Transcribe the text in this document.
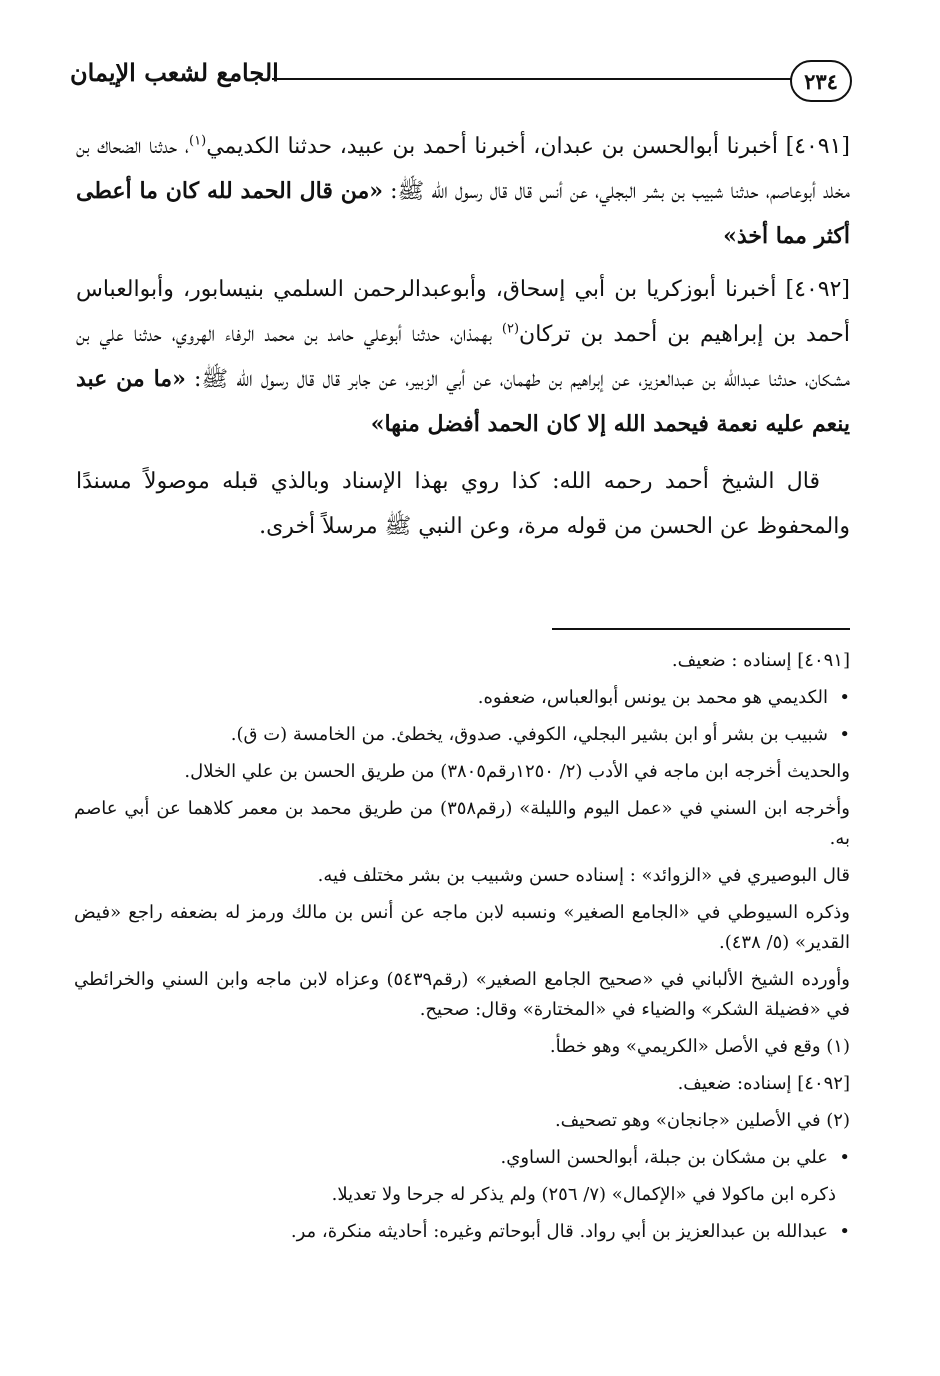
٢٣٤
الجامع لشعب الإيمان

[٤٠٩١] أخبرنا أبوالحسن بن عبدان، أخبرنا أحمد بن عبيد، حدثنا الكديمي$^{(١)}$، حدثنا الضحاك بن مخلد أبوعاصم، حدثنا شبيب بن بشر البجلي، عن أنس قال قال رسول الله ﷺ: «من قال الحمد لله كان ما أعطى أكثر مما أخذ»

[٤٠٩٢] أخبرنا أبوزكريا بن أبي إسحاق، وأبوعبدالرحمن السلمي بنيسابور، وأبوالعباس أحمد بن إبراهيم بن أحمد بن تركان$^{(٢)}$ بهمذان، حدثنا أبوعلي حامد بن محمد الرفاء الهروي، حدثنا علي بن مشكان، حدثنا عبدالله بن عبدالعزيز، عن إبراهيم بن طهمان، عن أبي الزبير، عن جابر قال قال رسول الله ﷺ: «ما من عبد ينعم عليه نعمة فيحمد الله إلا كان الحمد أفضل منها»

قال الشيخ أحمد رحمه الله: كذا روي بهذا الإسناد وبالذي قبله موصولاً مسندًا والمحفوظ عن الحسن من قوله مرة، وعن النبي ﷺ مرسلاً أخرى.

[٤٠٩١] إسناده : ضعيف.

• الكديمي هو محمد بن يونس أبوالعباس، ضعفوه.

• شبيب بن بشر أو ابن بشير البجلي، الكوفي. صدوق، يخطئ. من الخامسة (ت ق).

والحديث أخرجه ابن ماجه في الأدب (٢/ ١٢٥٠رقم٣٨٠٥) من طريق الحسن بن علي الخلال.

وأخرجه ابن السني في «عمل اليوم والليلة» (رقم٣٥٨) من طريق محمد بن معمر كلاهما عن أبي عاصم به.

قال البوصيري في «الزوائد» : إسناده حسن وشبيب بن بشر مختلف فيه.

وذكره السيوطي في «الجامع الصغير» ونسبه لابن ماجه عن أنس بن مالك ورمز له بضعفه راجع «فيض القدير» (٥/ ٤٣٨).

وأورده الشيخ الألباني في «صحيح الجامع الصغير» (رقم٥٤٣٩) وعزاه لابن ماجه وابن السني والخرائطي في «فضيلة الشكر» والضياء في «المختارة» وقال: صحيح.

(١) وقع في الأصل «الكريمي» وهو خطأ.

[٤٠٩٢] إسناده: ضعيف.

(٢) في الأصلين «جانجان» وهو تصحيف.

• علي بن مشكان بن جبلة، أبوالحسن الساوي.

ذكره ابن ماكولا في «الإكمال» (٧/ ٢٥٦) ولم يذكر له جرحا ولا تعديلا.

• عبدالله بن عبدالعزيز بن أبي رواد. قال أبوحاتم وغيره: أحاديثه منكرة، مر.
